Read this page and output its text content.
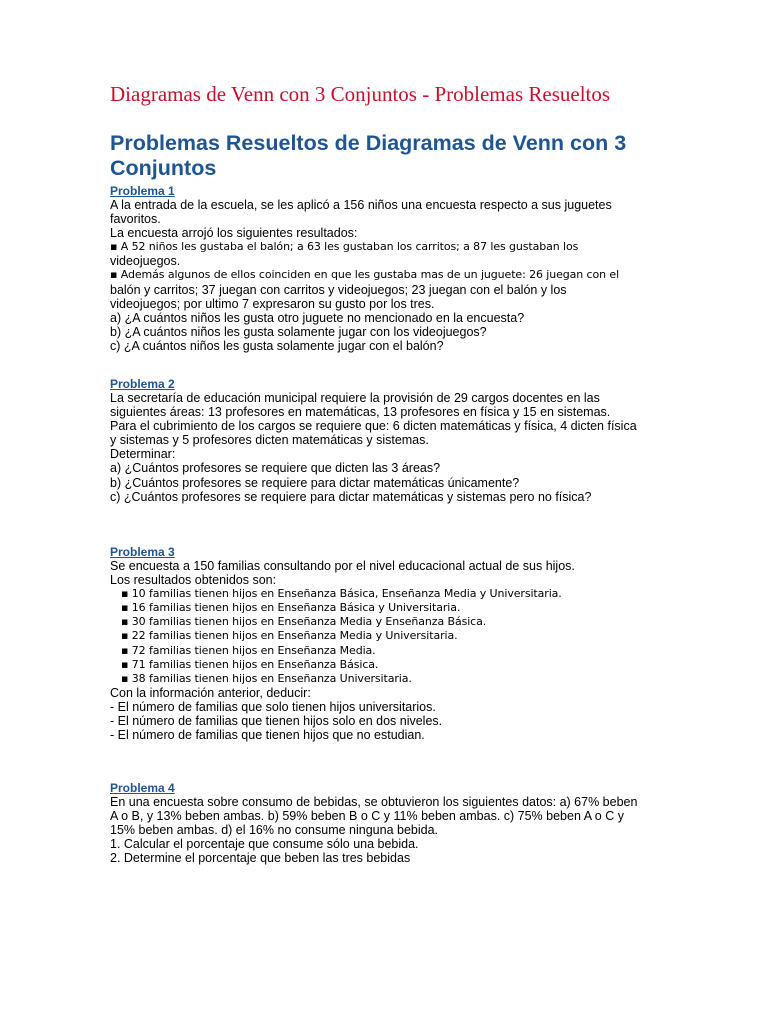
Diagramas de Venn con 3 Conjuntos - Problemas Resueltos
Problemas Resueltos de Diagramas de Venn con 3 Conjuntos
Problema 1
A la entrada de la escuela, se les aplicó a 156 niños una encuesta respecto a sus juguetes
favoritos.
La encuesta arrojó los siguientes resultados:
▪ A 52 niños les gustaba el balón; a 63 les gustaban los carritos; a 87 les gustaban los
videojuegos.
▪ Además algunos de ellos coinciden en que les gustaba mas de un juguete: 26 juegan con el
balón y carritos; 37 juegan con carritos y videojuegos; 23 juegan con el balón y los
videojuegos; por ultimo 7 expresaron su gusto por los tres.
a) ¿A cuántos niños les gusta otro juguete no mencionado en la encuesta?
b) ¿A cuántos niños les gusta solamente jugar con los videojuegos?
c) ¿A cuántos niños les gusta solamente jugar con el balón?
Problema 2
La secretaría de educación municipal requiere la provisión de 29 cargos docentes en las
siguientes áreas: 13 profesores en matemáticas, 13 profesores en física y 15 en sistemas.
Para el cubrimiento de los cargos se requiere que: 6 dicten matemáticas y física, 4 dicten física
y sistemas y 5 profesores dicten matemáticas y sistemas.
Determinar:
a) ¿Cuántos profesores se requiere que dicten las 3 áreas?
b) ¿Cuántos profesores se requiere para dictar matemáticas únicamente?
c) ¿Cuántos profesores se requiere para dictar matemáticas y sistemas pero no física?
Problema 3
Se encuesta a 150 familias consultando por el nivel educacional actual de sus hijos.
Los resultados obtenidos son:
▪ 10 familias tienen hijos en Enseñanza Básica, Enseñanza Media y Universitaria.
▪ 16 familias tienen hijos en Enseñanza Básica y Universitaria.
▪ 30 familias tienen hijos en Enseñanza Media y Enseñanza Básica.
▪ 22 familias tienen hijos en Enseñanza Media y Universitaria.
▪ 72 familias tienen hijos en Enseñanza Media.
▪ 71 familias tienen hijos en Enseñanza Básica.
▪ 38 familias tienen hijos en Enseñanza Universitaria.
Con la información anterior, deducir:
- El número de familias que solo tienen hijos universitarios.
- El número de familias que tienen hijos solo en dos niveles.
- El número de familias que tienen hijos que no estudian.
Problema 4
En una encuesta sobre consumo de bebidas, se obtuvieron los siguientes datos: a) 67% beben
A o B, y 13% beben ambas. b) 59% beben B o C y 11% beben ambas. c) 75% beben A o C y
15% beben ambas. d) el 16% no consume ninguna bebida.
1. Calcular el porcentaje que consume sólo una bebida.
2. Determine el porcentaje que beben las tres bebidas
